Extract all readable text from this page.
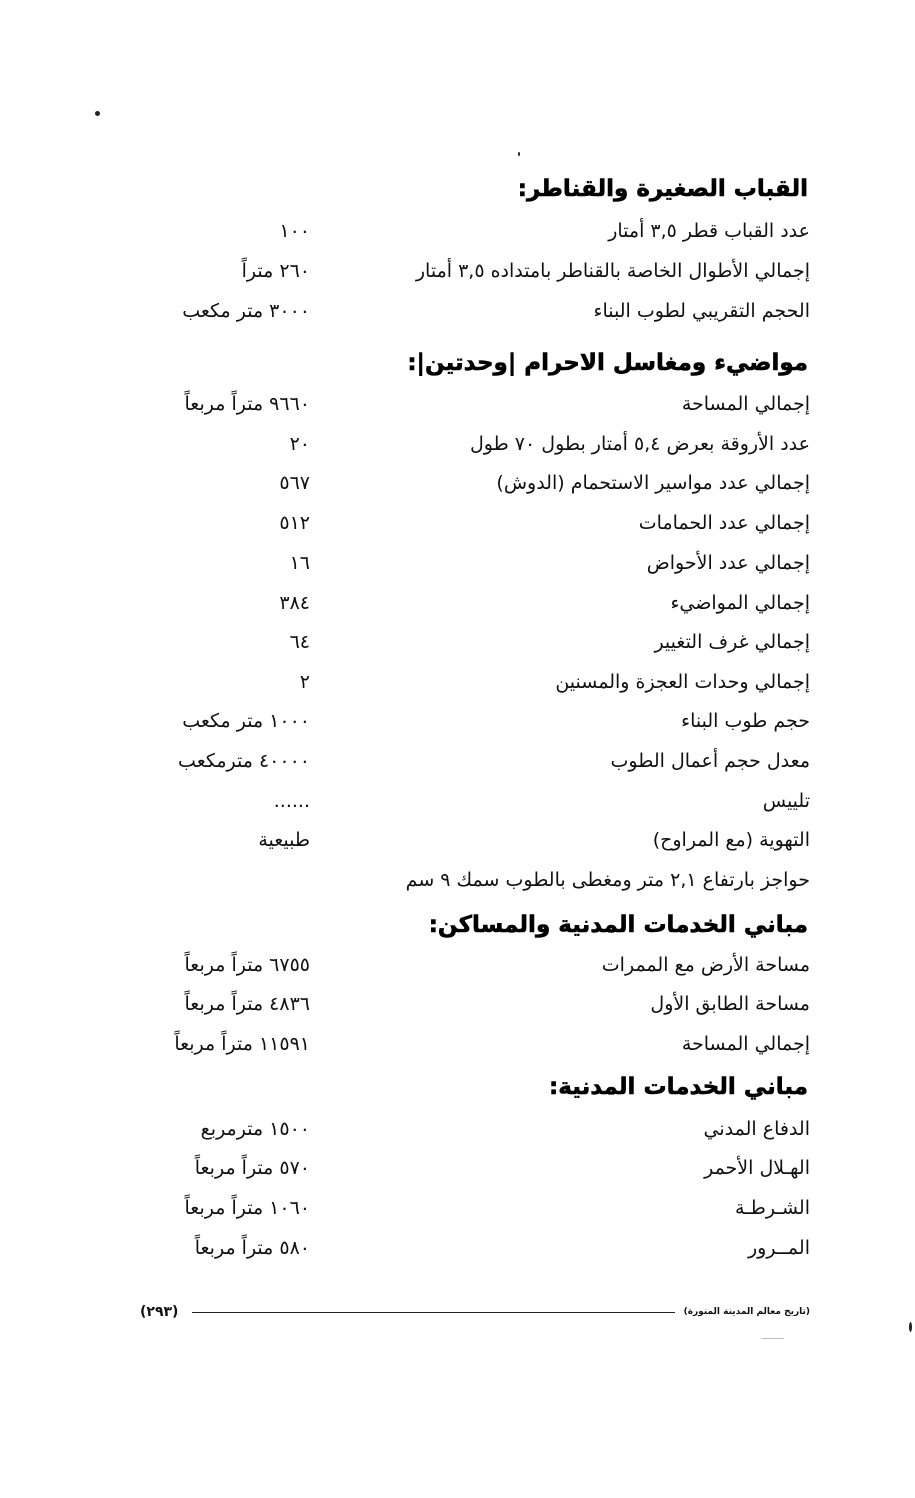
القباب الصغيرة والقناطر:
عدد القباب قطر ٣,٥ أمتار
١٠٠
إجمالي الأطوال الخاصة بالقناطر بامتداده ٣,٥ أمتار
٢٦٠ متراً
الحجم التقريبي لطوب البناء
٣٠٠٠ متر مكعب
مواضيء ومغاسل الاحرام |وحدتين|:
إجمالي المساحة
٩٦٦٠ متراً مربعاً
عدد الأروقة بعرض ٥,٤ أمتار بطول ٧٠ طول
٢٠
إجمالي عدد مواسير الاستحمام (الدوش)
٥٦٧
إجمالي عدد الحمامات
٥١٢
إجمالي عدد الأحواض
١٦
إجمالي المواضيء
٣٨٤
إجمالي غرف التغيير
٦٤
إجمالي وحدات العجزة والمسنين
٢
حجم طوب البناء
١٠٠٠ متر مكعب
معدل حجم أعمال الطوب
٤٠٠٠٠ مترمكعب
تلييس
......
التهوية (مع المراوح)
طبيعية
حواجز بارتفاع ٢,١ متر ومغطى بالطوب سمك ٩ سم
مباني الخدمات المدنية والمساكن:
مساحة الأرض مع الممرات
٦٧٥٥ متراً مربعاً
مساحة الطابق الأول
٤٨٣٦ متراً مربعاً
إجمالي المساحة
١١٥٩١ متراً مربعاً
مباني الخدمات المدنية:
الدفاع المدني
١٥٠٠ مترمربع
الهـلال الأحمر
٥٧٠ متراً مربعاً
الشـرطـة
١٠٦٠ متراً مربعاً
المــرور
٥٨٠ متراً مربعاً
(٢٩٣)	(تاريخ معالم المدينة المنورة)
